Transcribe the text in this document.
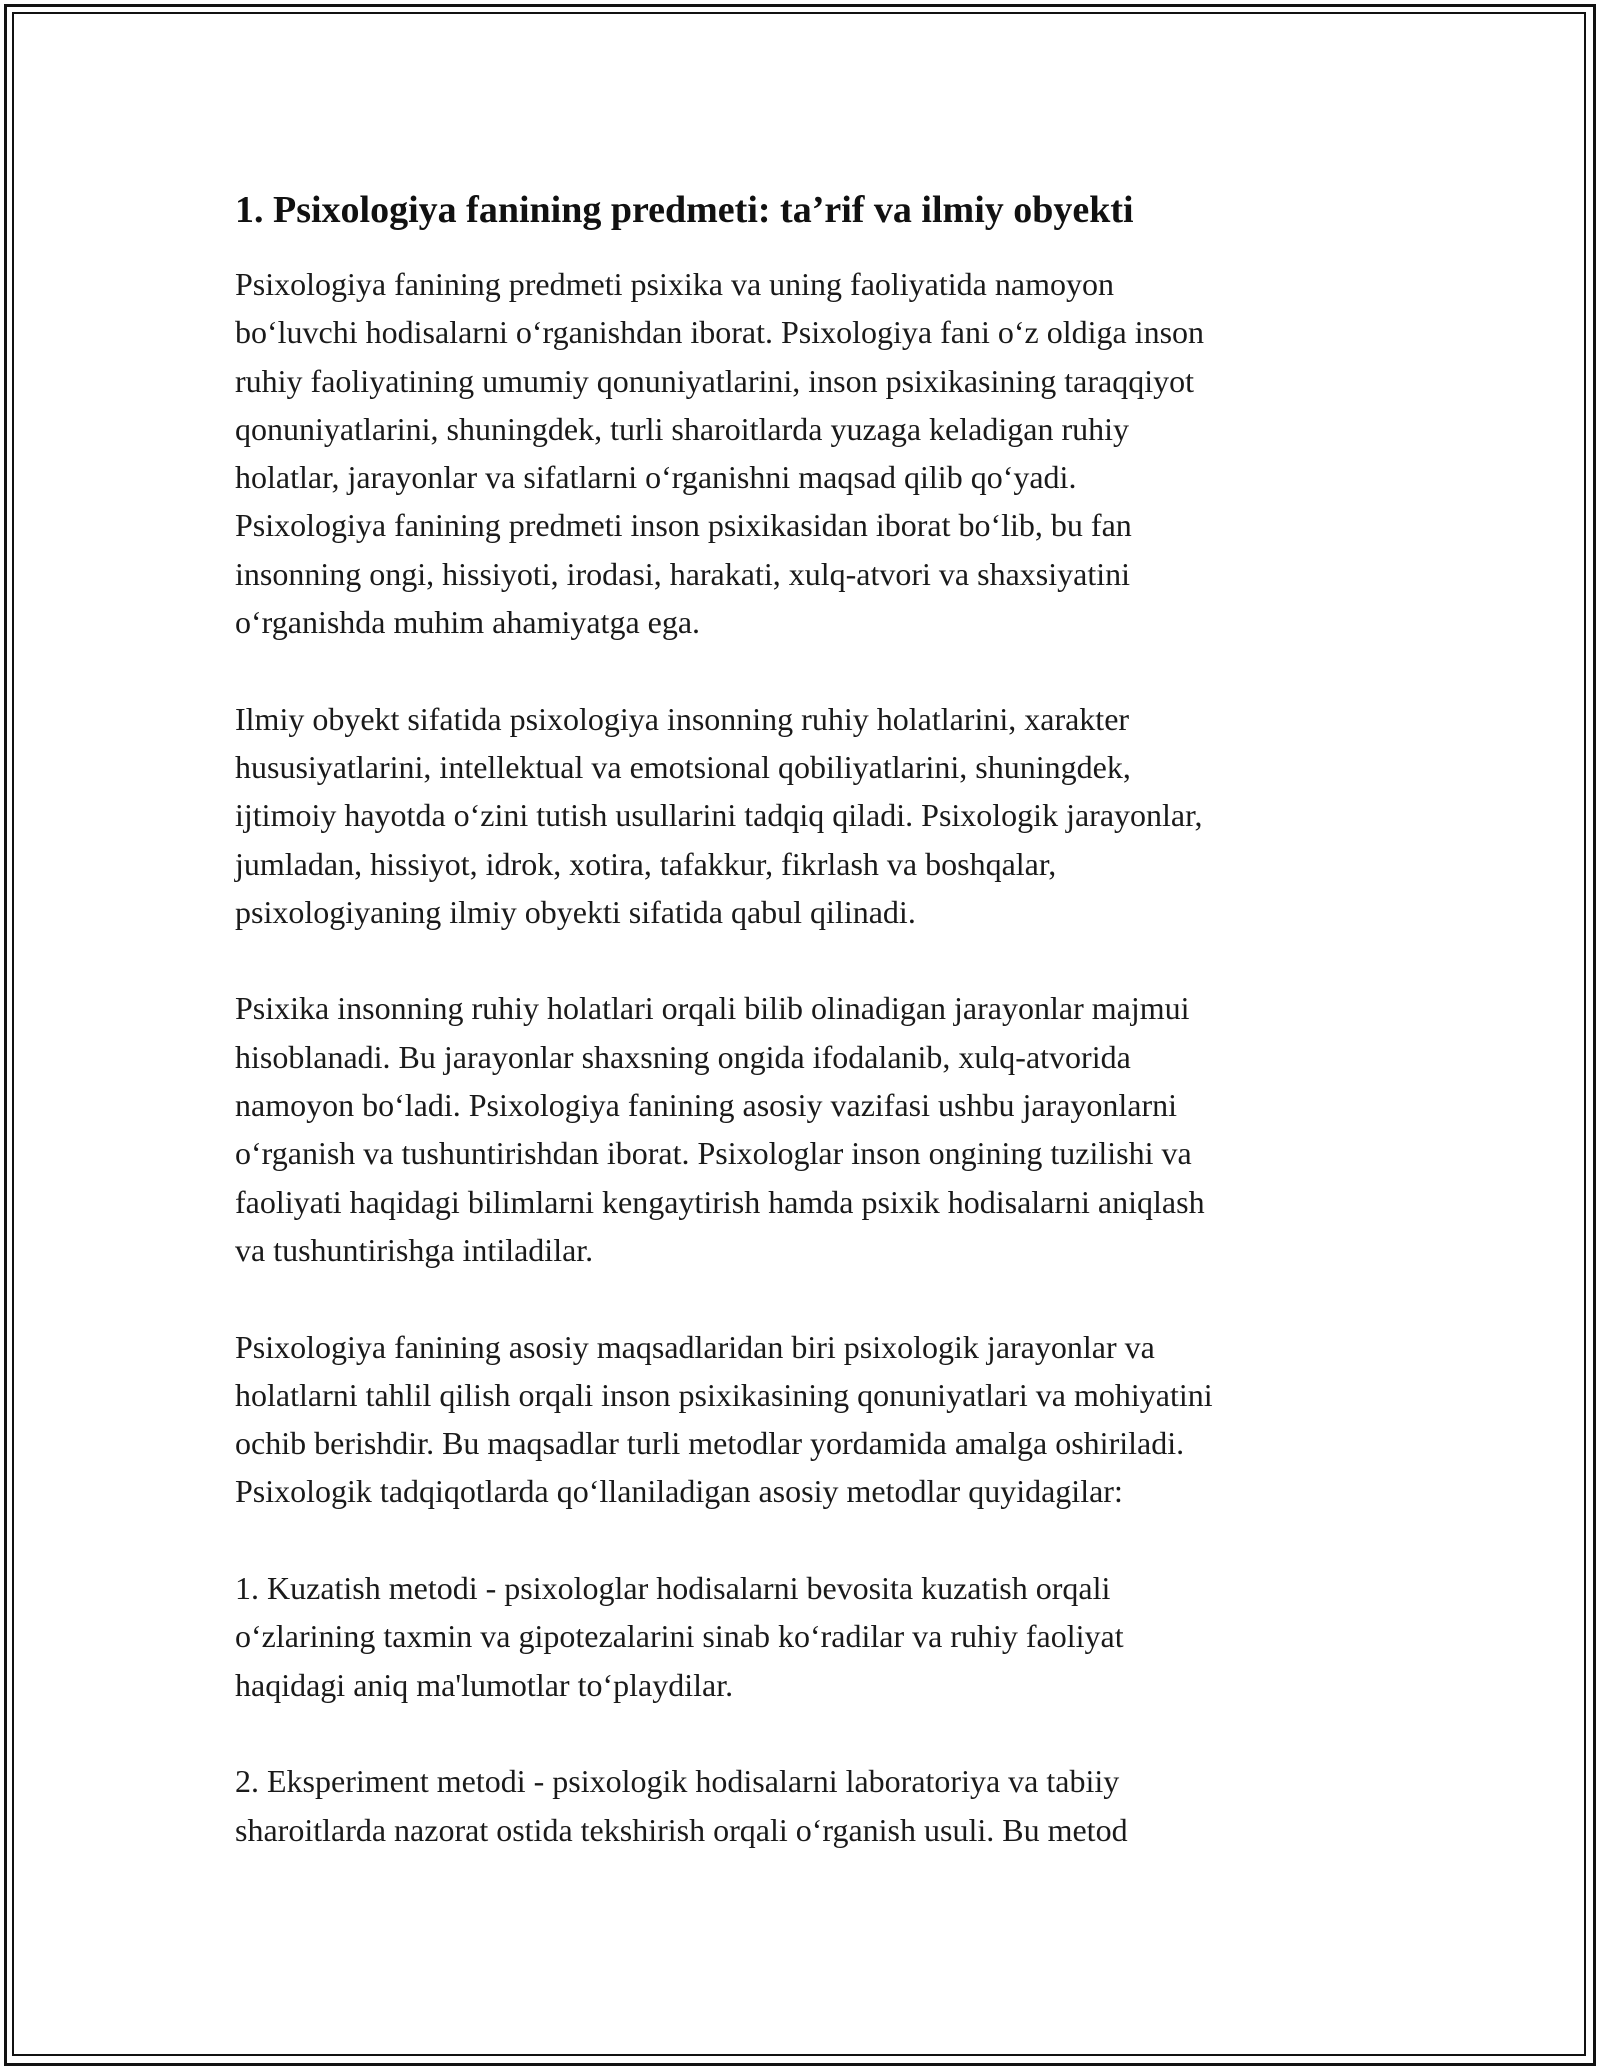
1. Psixologiya fanining predmeti: ta’rif va ilmiy obyekti

Psixologiya fanining predmeti psixika va uning faoliyatida namoyon
bo‘luvchi hodisalarni o‘rganishdan iborat. Psixologiya fani o‘z oldiga inson
ruhiy faoliyatining umumiy qonuniyatlarini, inson psixikasining taraqqiyot
qonuniyatlarini, shuningdek, turli sharoitlarda yuzaga keladigan ruhiy
holatlar, jarayonlar va sifatlarni o‘rganishni maqsad qilib qo‘yadi.
Psixologiya fanining predmeti inson psixikasidan iborat bo‘lib, bu fan
insonning ongi, hissiyoti, irodasi, harakati, xulq-atvori va shaxsiyatini
o‘rganishda muhim ahamiyatga ega.

Ilmiy obyekt sifatida psixologiya insonning ruhiy holatlarini, xarakter
hususiyatlarini, intellektual va emotsional qobiliyatlarini, shuningdek,
ijtimoiy hayotda o‘zini tutish usullarini tadqiq qiladi. Psixologik jarayonlar,
jumladan, hissiyot, idrok, xotira, tafakkur, fikrlash va boshqalar,
psixologiyaning ilmiy obyekti sifatida qabul qilinadi.

Psixika insonning ruhiy holatlari orqali bilib olinadigan jarayonlar majmui
hisoblanadi. Bu jarayonlar shaxsning ongida ifodalanib, xulq-atvorida
namoyon bo‘ladi. Psixologiya fanining asosiy vazifasi ushbu jarayonlarni
o‘rganish va tushuntirishdan iborat. Psixologlar inson ongining tuzilishi va
faoliyati haqidagi bilimlarni kengaytirish hamda psixik hodisalarni aniqlash
va tushuntirishga intiladilar.

Psixologiya fanining asosiy maqsadlaridan biri psixologik jarayonlar va
holatlarni tahlil qilish orqali inson psixikasining qonuniyatlari va mohiyatini
ochib berishdir. Bu maqsadlar turli metodlar yordamida amalga oshiriladi.
Psixologik tadqiqotlarda qo‘llaniladigan asosiy metodlar quyidagilar:

1. Kuzatish metodi - psixologlar hodisalarni bevosita kuzatish orqali
o‘zlarining taxmin va gipotezalarini sinab ko‘radilar va ruhiy faoliyat
haqidagi aniq ma'lumotlar to‘playdilar.

2. Eksperiment metodi - psixologik hodisalarni laboratoriya va tabiiy
sharoitlarda nazorat ostida tekshirish orqali o‘rganish usuli. Bu metod
